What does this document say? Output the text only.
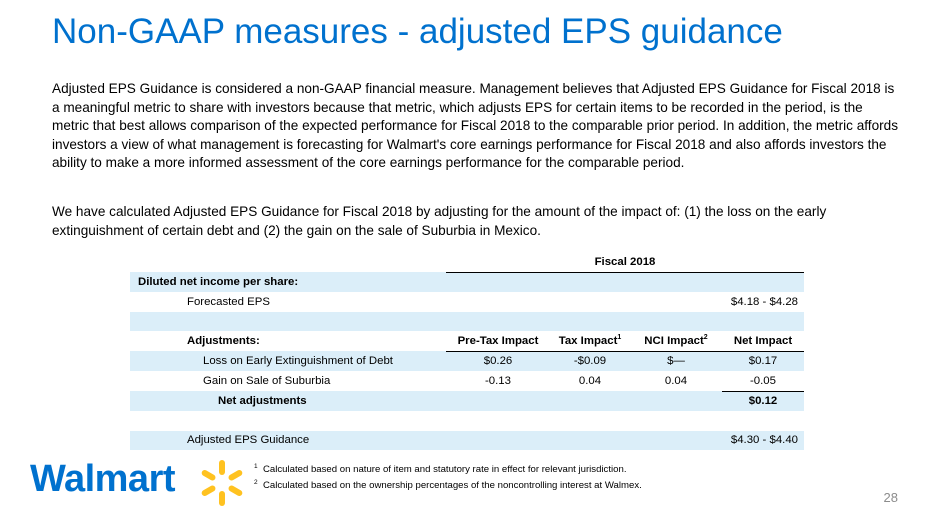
Non-GAAP measures - adjusted EPS guidance
Adjusted EPS Guidance is considered a non-GAAP financial measure. Management believes that Adjusted EPS Guidance for Fiscal 2018 is a meaningful metric to share with investors because that metric, which adjusts EPS for certain items to be recorded in the period, is the metric that best allows comparison of the expected performance for Fiscal 2018 to the comparable prior period. In addition, the metric affords investors a view of what management is forecasting for Walmart's core earnings performance for Fiscal 2018 and also affords investors the ability to make a more informed assessment of the core earnings performance for the comparable period.
We have calculated Adjusted EPS Guidance for Fiscal 2018 by adjusting for the amount of the impact of: (1) the loss on the early extinguishment of certain debt and (2) the gain on the sale of Suburbia in Mexico.
	Fiscal 2018			
Diluted net income per share:				
Forecasted EPS				$4.18 - $4.28

Adjustments:	Pre-Tax Impact	Tax Impact$^1$	NCI Impact$^2$	Net Impact
Loss on Early Extinguishment of Debt	$0.26	-$0.09	$—	$0.17
Gain on Sale of Suburbia	-0.13	0.04	0.04	-0.05
Net adjustments				$0.12

Adjusted EPS Guidance				$4.30 - $4.40
Walmart	$^1$ Calculated based on nature of item and statutory rate in effect for relevant jurisdiction.
$^2$ Calculated based on the ownership percentages of the noncontrolling interest at Walmex.
28
